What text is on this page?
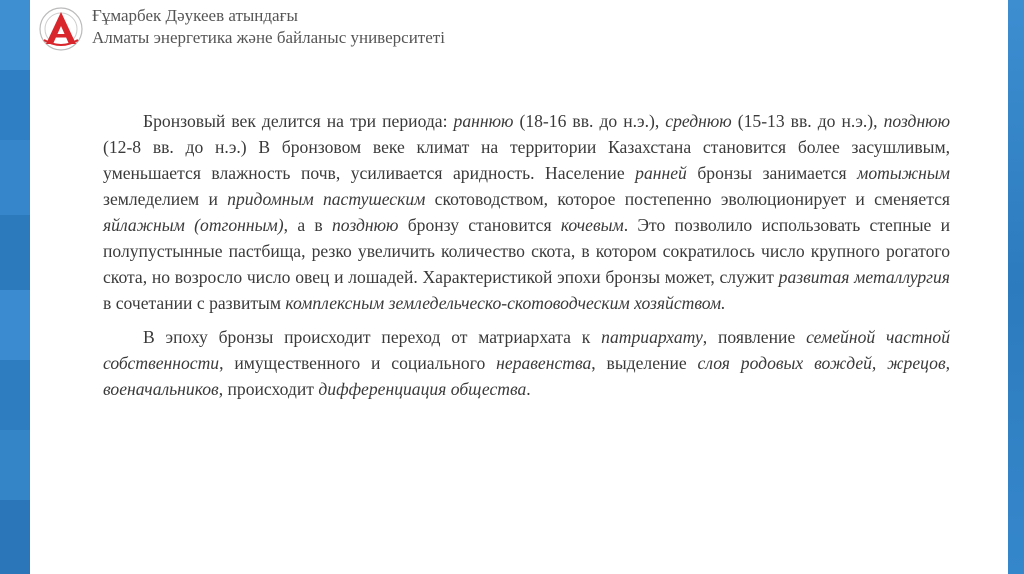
Ғұмарбек Дәукеев атындағы
Алматы энергетика және байланыс университеті

Бронзовый век делится на три периода: раннюю (18-16 вв. до н.э.), среднюю (15-13 вв. до н.э.), позднюю (12-8 вв. до н.э.) В бронзовом веке климат на территории Казахстана становится более засушливым, уменьшается влажность почв, усиливается аридность. Население ранней бронзы занимается мотыжным земледелием и придомным пастушеским скотоводством, которое постепенно эволюционирует и сменяется яйлажным (отгонным), а в позднюю бронзу становится кочевым. Это позволило использовать степные и полупустынные пастбища, резко увеличить количество скота, в котором сократилось число крупного рогатого скота, но возросло число овец и лошадей. Характеристикой эпохи бронзы может, служит развитая металлургия в сочетании с развитым комплексным земледельческо-скотоводческим хозяйством.

В эпоху бронзы происходит переход от матриархата к патриархату, появление семейной частной собственности, имущественного и социального неравенства, выделение слоя родовых вождей, жрецов, военачальников, происходит дифференциация общества.
